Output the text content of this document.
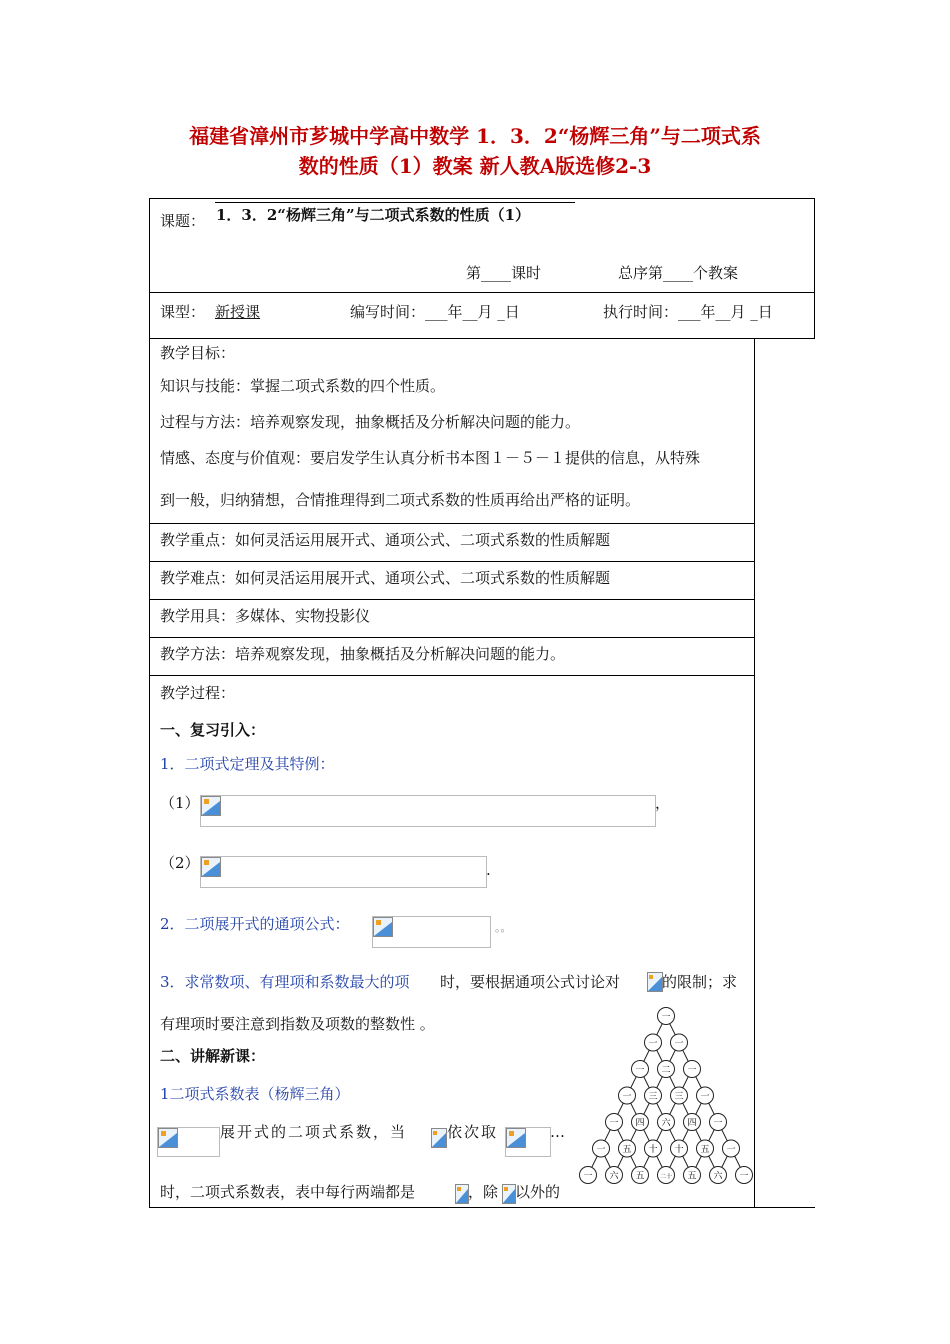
福建省漳州市芗城中学高中数学 1．3．2“杨辉三角”与二项式系
数的性质（1）教案 新人教A版选修2-3
课题： 1．3．2“杨辉三角”与二项式系数的性质（1）
第____课时	总序第____个教案
课型： 新授课	编写时间：___年__月 _日	执行时间：___年__月 _日
教学目标：
知识与技能：掌握二项式系数的四个性质。
过程与方法：培养观察发现，抽象概括及分析解决问题的能力。
情感、态度与价值观：要启发学生认真分析书本图１－５－１提供的信息，从特殊
到一般，归纳猜想，合情推理得到二项式系数的性质再给出严格的证明。
教学重点：如何灵活运用展开式、通项公式、二项式系数的性质解题
教学难点：如何灵活运用展开式、通项公式、二项式系数的性质解题
教学用具：多媒体、实物投影仪
教学方法：培养观察发现，抽象概括及分析解决问题的能力。
教学过程：
一、复习引入：
1．二项式定理及其特例：
（1）	，
（2）	.
2．二项展开式的通项公式：	。。
3．求常数项、有理项和系数最大的项 时，要根据通项公式讨论对	的限制；求
有理项时要注意到指数及项数的整数性 。
二、讲解新课：
1二项式系数表（杨辉三角）
展开式的二项式系数，当	依次取	…
时，二项式系数表，表中每行两端都是	，除 以外的
一
一 一
一 二 一
一 三 三 一
一 四 六 四 一
一 五 十 十 五 一
一 六 五	二十 五 六 一
